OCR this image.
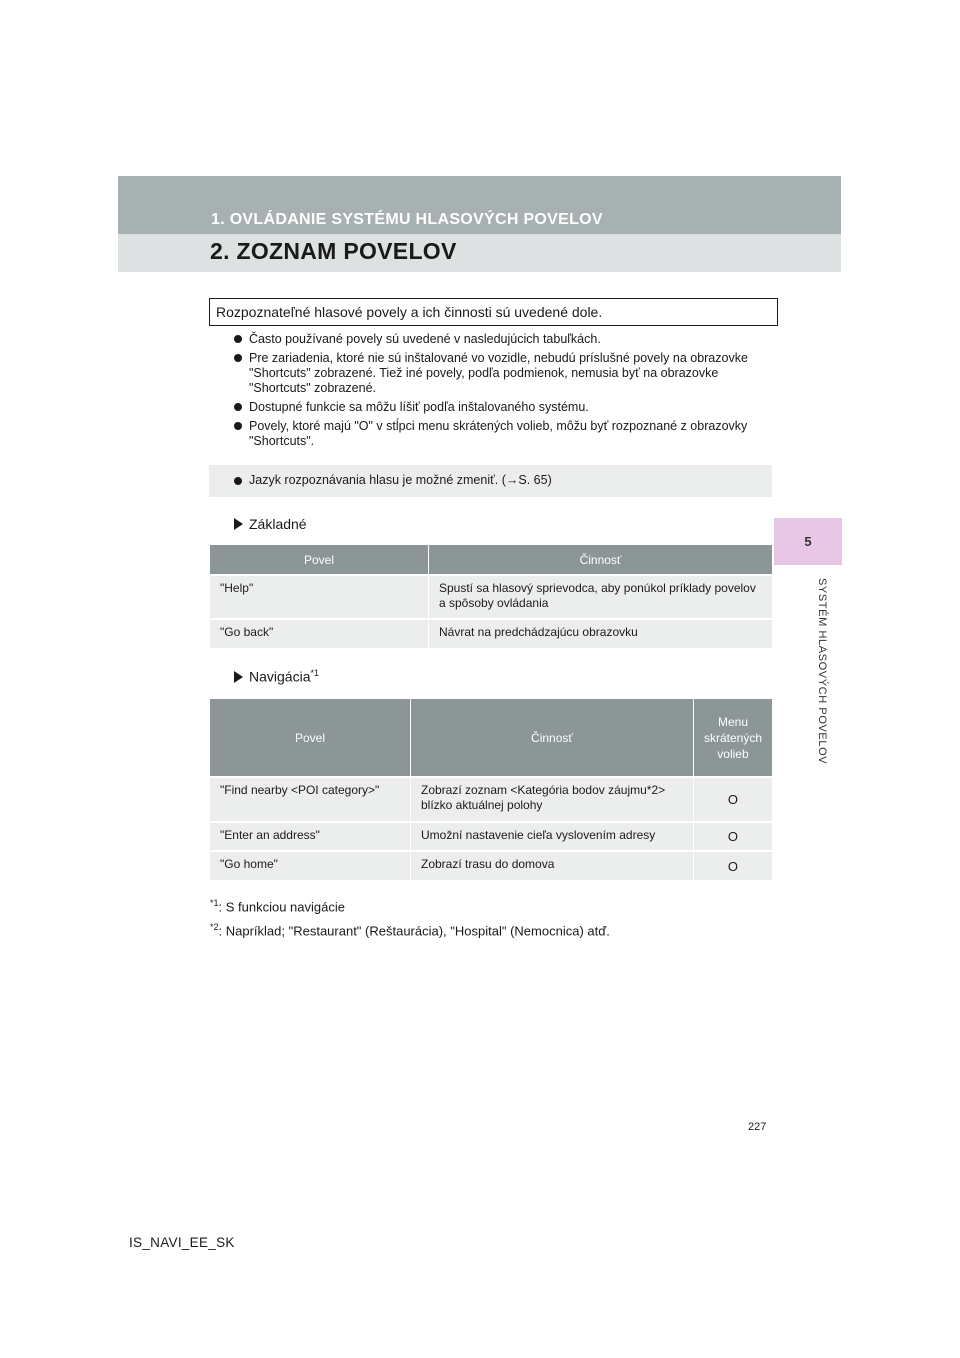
1. OVLÁDANIE SYSTÉMU HLASOVÝCH POVELOV
2. ZOZNAM POVELOV
5
SYSTÉM HLASOVÝCH POVELOV
Rozpoznateľné hlasové povely a ich činnosti sú uvedené dole.
Často používané povely sú uvedené v nasledujúcich tabuľkách.
Pre zariadenia, ktoré nie sú inštalované vo vozidle, nebudú príslušné povely na obrazovke "Shortcuts" zobrazené. Tiež iné povely, podľa podmienok, nemusia byť na obrazovke "Shortcuts" zobrazené.
Dostupné funkcie sa môžu líšiť podľa inštalovaného systému.
Povely, ktoré majú "O" v stĺpci menu skrátených volieb, môžu byť rozpoznané z obrazovky "Shortcuts".
Jazyk rozpoznávania hlasu je možné zmeniť. (→S. 65)
Základné
Povel	Činnosť
"Help"	Spustí sa hlasový sprievodca, aby ponúkol príklady povelov a spôsoby ovládania
"Go back"	Návrat na predchádzajúcu obrazovku
Navigácia$^{*1}$
Povel	Činnosť	Menu skrátených volieb
"Find nearby <POI category>"	Zobrazí zoznam <Kategória bodov záujmu*2> blízko aktuálnej polohy	O
"Enter an address"	Umožní nastavenie cieľa vyslovením adresy	O
"Go home"	Zobrazí trasu do domova	O
$^{*1}$: S funkciou navigácie
$^{*2}$: Napríklad; "Restaurant" (Reštaurácia), "Hospital" (Nemocnica) atď.
227
IS_NAVI_EE_SK
